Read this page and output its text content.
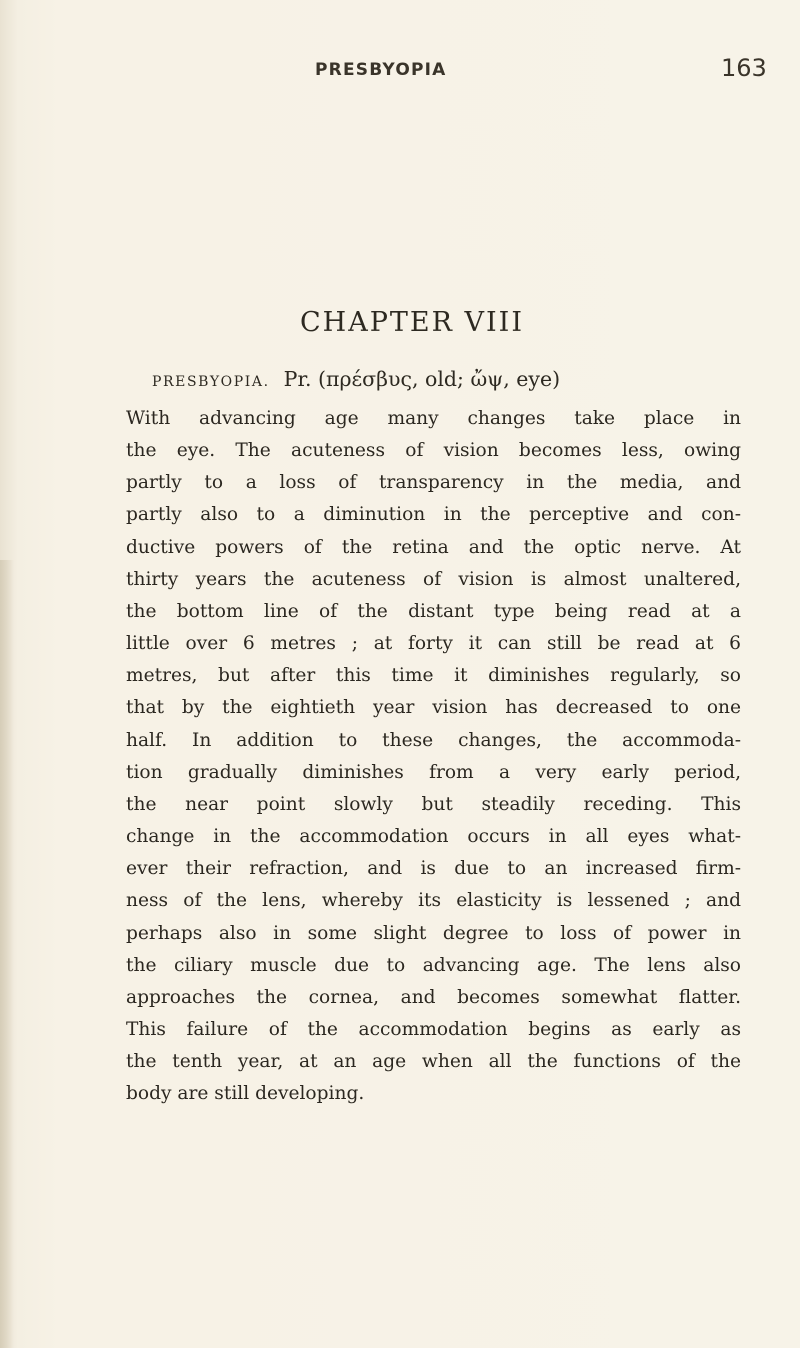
PRESBYOPIA	163
CHAPTER VIII
PRESBYOPIA. Pr. (πρέσβυς, old; ὤψ, eye)
With advancing age many changes take place in
the eye. The acuteness of vision becomes less, owing
partly to a loss of transparency in the media, and
partly also to a diminution in the perceptive and con-
ductive powers of the retina and the optic nerve. At
thirty years the acuteness of vision is almost unaltered,
the bottom line of the distant type being read at a
little over 6 metres ; at forty it can still be read at 6
metres, but after this time it diminishes regularly, so
that by the eightieth year vision has decreased to one
half. In addition to these changes, the accommoda-
tion gradually diminishes from a very early period,
the near point slowly but steadily receding. This
change in the accommodation occurs in all eyes what-
ever their refraction, and is due to an increased firm-
ness of the lens, whereby its elasticity is lessened ; and
perhaps also in some slight degree to loss of power in
the ciliary muscle due to advancing age. The lens also
approaches the cornea, and becomes somewhat flatter.
This failure of the accommodation begins as early as
the tenth year, at an age when all the functions of the
body are still developing.
